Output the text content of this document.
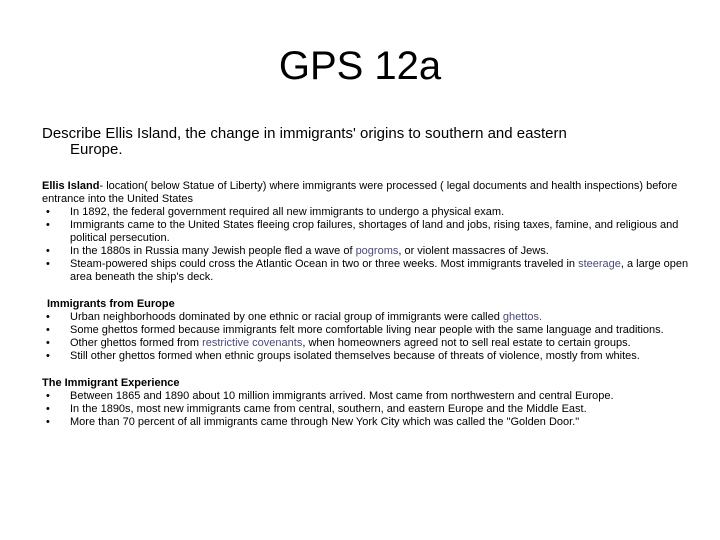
GPS 12a
Describe Ellis Island, the change in immigrants' origins to southern and eastern
Europe.
Ellis Island- location( below Statue of Liberty) where immigrants were processed ( legal documents and health inspections) before entrance into the United States
• In 1892, the federal government required all new immigrants to undergo a physical exam.
• Immigrants came to the United States fleeing crop failures, shortages of land and jobs, rising taxes, famine, and religious and political persecution.
• In the 1880s in Russia many Jewish people fled a wave of pogroms, or violent massacres of Jews.
• Steam-powered ships could cross the Atlantic Ocean in two or three weeks. Most immigrants traveled in steerage, a large open area beneath the ship's deck.
Immigrants from Europe
• Urban neighborhoods dominated by one ethnic or racial group of immigrants were called ghettos.
• Some ghettos formed because immigrants felt more comfortable living near people with the same language and traditions.
• Other ghettos formed from restrictive covenants, when homeowners agreed not to sell real estate to certain groups.
• Still other ghettos formed when ethnic groups isolated themselves because of threats of violence, mostly from whites.
The Immigrant Experience
• Between 1865 and 1890 about 10 million immigrants arrived. Most came from northwestern and central Europe.
• In the 1890s, most new immigrants came from central, southern, and eastern Europe and the Middle East.
• More than 70 percent of all immigrants came through New York City which was called the "Golden Door."
